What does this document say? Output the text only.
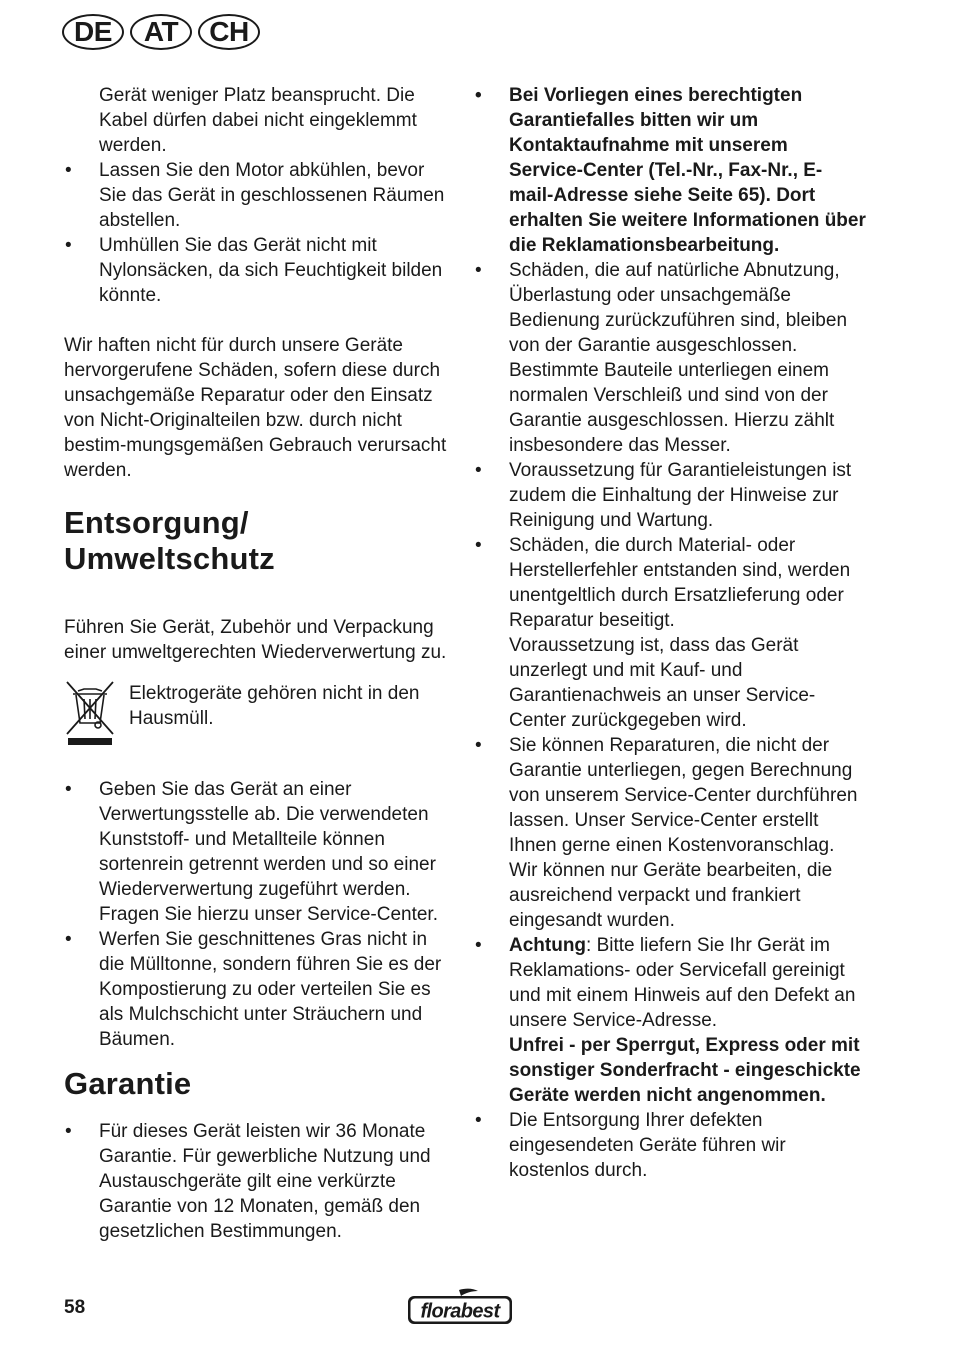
DE	AT	CH

Gerät weniger Platz beansprucht. Die Kabel dürfen dabei nicht eingeklemmt werden.

• Lassen Sie den Motor abkühlen, bevor Sie das Gerät in geschlossenen Räumen abstellen.
• Umhüllen Sie das Gerät nicht mit Nylonsäcken, da sich Feuchtigkeit bilden könnte.

Wir haften nicht für durch unsere Geräte hervorgerufene Schäden, sofern diese durch unsachgemäße Reparatur oder den Einsatz von Nicht-Originalteilen bzw. durch nicht bestim-mungsgemäßen Gebrauch verursacht werden.

Entsorgung/
Umweltschutz

Führen Sie Gerät, Zubehör und Verpackung einer umweltgerechten Wiederverwertung zu.

Elektrogeräte gehören nicht in den Hausmüll.

• Geben Sie das Gerät an einer Verwertungsstelle ab. Die verwendeten Kunststoff- und Metallteile können sortenrein getrennt werden und so einer Wiederverwertung zugeführt werden. Fragen Sie hierzu unser Service-Center.
• Werfen Sie geschnittenes Gras nicht in die Mülltonne, sondern führen Sie es der Kompostierung zu oder verteilen Sie es als Mulchschicht unter Sträuchern und Bäumen.
Garantie
• Für dieses Gerät leisten wir 36 Monate Garantie. Für gewerbliche Nutzung und Austauschgeräte gilt eine verkürzte Garantie von 12 Monaten, gemäß den gesetzlichen Bestimmungen.
• Bei Vorliegen eines berechtigten Garantiefalles bitten wir um Kontaktaufnahme mit unserem Service-Center (Tel.-Nr., Fax-Nr., E-mail-Adresse siehe Seite 65). Dort erhalten Sie weitere Informationen über die Reklamationsbearbeitung.
• Schäden, die auf natürliche Abnutzung, Überlastung oder unsachgemäße Bedienung zurückzuführen sind, bleiben von der Garantie ausgeschlossen. Bestimmte Bauteile unterliegen einem normalen Verschleiß und sind von der Garantie ausgeschlossen. Hierzu zählt insbesondere das Messer.
• Voraussetzung für Garantieleistungen ist zudem die Einhaltung der Hinweise zur Reinigung und Wartung.
• Schäden, die durch Material- oder Herstellerfehler entstanden sind, werden unentgeltlich durch Ersatzlieferung oder Reparatur beseitigt.
Voraussetzung ist, dass das Gerät unzerlegt und mit Kauf- und Garantienachweis an unser Service-Center zurückgegeben wird.
• Sie können Reparaturen, die nicht der Garantie unterliegen, gegen Berechnung von unserem Service-Center durchführen lassen. Unser Service-Center erstellt Ihnen gerne einen Kostenvoranschlag.
Wir können nur Geräte bearbeiten, die ausreichend verpackt und frankiert eingesandt wurden.
• Achtung: Bitte liefern Sie Ihr Gerät im Reklamations- oder Servicefall gereinigt und mit einem Hinweis auf den Defekt an unsere Service-Adresse.
Unfrei - per Sperrgut, Express oder mit sonstiger Sonderfracht - eingeschickte Geräte werden nicht angenommen.
• Die Entsorgung Ihrer defekten eingesendeten Geräte führen wir kostenlos durch.
58	florabest
